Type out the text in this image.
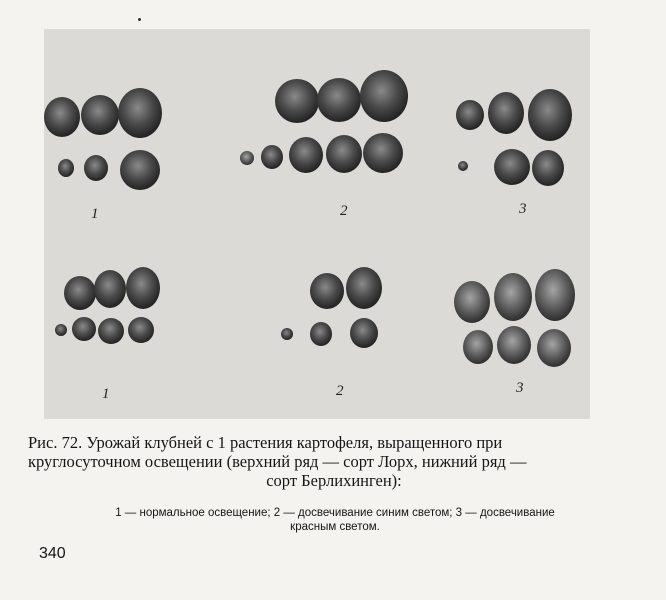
1	2	3
1	2	3
Рис. 72. Урожай клубней с 1 растения картофеля, выращенного при
круглосуточном освещении (верхний ряд — сорт Лорх, нижний ряд —

сорт Берлихинген):
1 — нормальное освещение; 2 — досвечивание синим светом; 3 — досвечивание
красным светом.
340
